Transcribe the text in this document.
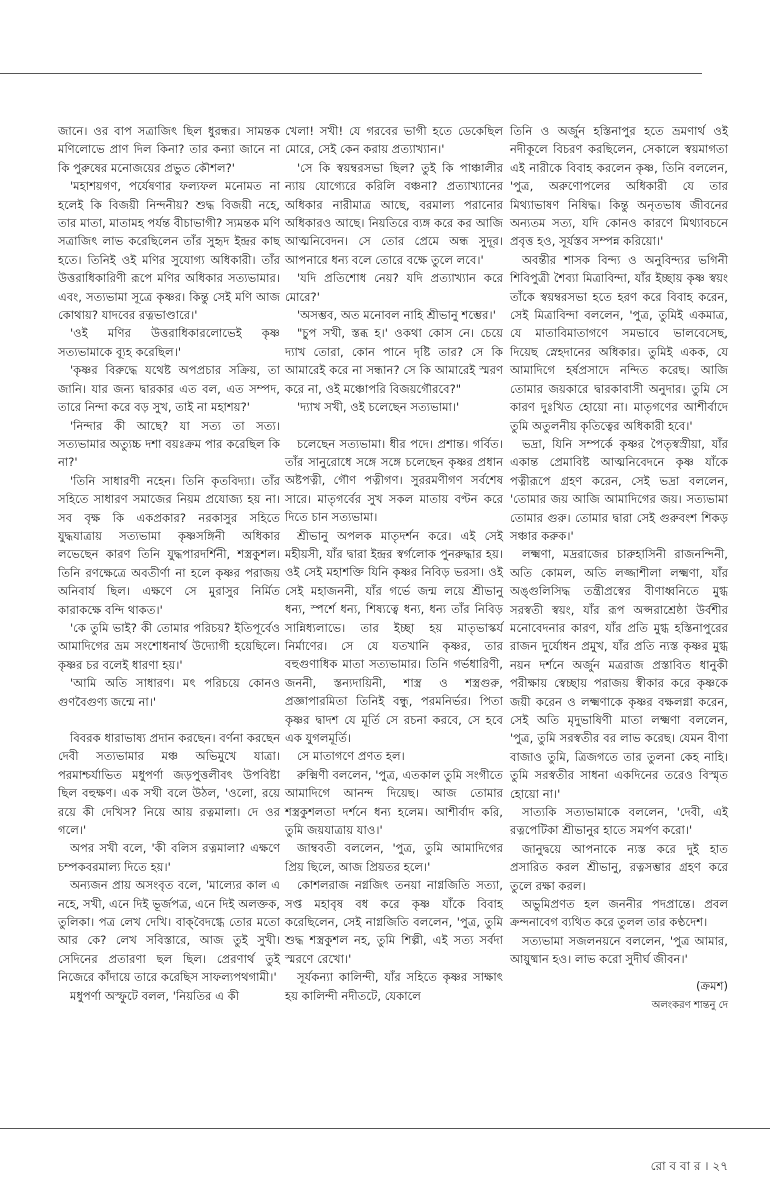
জানে। ওর বাপ সত্রাজিৎ ছিল ধুরন্ধর। সামন্তক মণিলোভে প্রাণ দিল কিনা? তার কন্যা জানে না কি পুরুষের মনোজয়ের প্রভুত কৌশল?'

'মহাশয়গণ, পর্যেষণার ফল্যফল মনোমত না হলেই কি বিজয়ী নিন্দনীয়? শুদ্ধ বিজয়ী নহে, তার মাতা, মাতামহ পর্যন্ত বীচাভাগী? স্যমন্তক মণি সত্রাজিৎ লাভ করেছিলেন তাঁর সুহৃদ ইন্দ্রর কাছ হতে। তিনিই ওই মণির সুযোগ্য অধিকারী। তাঁর উত্তরাধিকারিণী রূপে মণির অধিকার সত্যভামার। এবং, সত্যভামা সূত্রে কৃষ্ণর। কিন্তু সেই মণি আজ কোথায়? যাদবের রত্নভাণ্ডারে।'

'ওই মণির উত্তরাধিকারলোভেই কৃষ্ণ সত্যভামাকে ব্যূহ করেছিল।'

'কৃষ্ণর বিরুদ্ধে যথেষ্ট অপপ্রচার সক্রিয়, তা জানি। যার জন্য দ্বারকার এত বল, এত সম্পদ, তারে নিন্দা করে বড় সুখ, তাই না মহাশয়?'

'নিন্দার কী আছে? যা সত্য তা সত্য। সত্যভামার অত্যুচ্চ দশা বয়ঃক্রম পার করেছিল কি না?'

'তিনি সাধারণী নহেন। তিনি কৃতবিদ্যা। তাঁর সহিতে সাধারণ সমাজের নিয়ম প্রযোজ্য হয় না। সব বৃক্ষ কি একপ্রকার? নরকাসুর সহিতে যুদ্ধযাত্রায় সত্যভামা কৃষ্ণসঙ্গিনী অধিকার লভেছেন কারণ তিনি যুদ্ধপারদর্শিনী, শস্ত্রকুশল। তিনি রণক্ষেত্রে অবতীর্ণা না হলে কৃষ্ণর পরাজয় অনিবার্য ছিল। এক্ষণে সে মুরাসুর নির্মিত কারাকক্ষে বন্দি থাকত।'

'কে তুমি ভাই? কী তোমার পরিচয়? ইতিপূর্বেও আমাদিগের ভ্রম সংশোধনার্থ উদ্যোগী হয়েছিলে। কৃষ্ণর চর বলেই ধারণা হয়।'

'আমি অতি সাধারণ। মৎ পরিচয়ে কোনও গুণবৈগুণ্য জন্মে না।'

বিবরক ধারাভাষ্য প্রদান করছেন। বর্ণনা করছেন দেবী সত্যভামার মঞ্চ অভিমুখে যাত্রা। পরমাশ্চর্যাভিত মধুপর্ণা জড়পুত্তলীবৎ উপবিষ্টা ছিল বহুক্ষণ। এক সখী বলে উঠল, 'ওলো, রয়ে রয়ে কী দেখিস? নিয়ে আয় রত্নমালা। দে ওর গলে।'

অপর সখী বলে, 'কী বলিস রত্নমালা? এক্ষণে চম্পকবরমাল্য দিতে হয়।'

অন্যজন প্রায় অসংবৃত বলে, 'মাল্যের কাল এ নহে, সখী, এনে দিই ভূর্জপত্র, এনে দিই অলক্তক, তুলিকা। পত্র লেখ দেখি। বাক্‌বৈদগ্ধে তোর মতো আর কে? লেখ সবিস্তারে, আজ তুই সুখী। সেদিনের প্রতারণা ছল ছিল। প্রেরণার্থ তুই নিজেরে কাঁদায়ে তারে করেছিস সাফল্যপথগামী।'

মধুপর্ণা অস্ফুটে বলল, 'নিয়তির এ কী

খেলা! সখী! যে গরবের ভাগী হতে ডেকেছিল মোরে, সেই কেন করায় প্রত্যাখ্যান।'

'সে কি স্বয়ম্বরসভা ছিল? তুই কি পাঞ্চালীর ন্যায় যোগ্যেরে করিলি বঞ্চনা? প্রত্যাখ্যানের অধিকার নারীমাত্র আছে, বরমাল্য পরানোর অধিকারও আছে। নিয়তিরে ব্যঙ্গ করে কর আজি আত্মনিবেদন। সে তোর প্রেমে অন্ধ সুদূর। আপনারে ধন্য বলে তোরে বক্ষে তুলে লবে।'

'যদি প্রতিশোধ নেয়? যদি প্রত্যাখ্যান করে মোরে?'

'অসম্ভব, অত মনোবল নাহি শ্রীভানু শম্ভের।'

"চুপ সখী, স্তব্ধ হ।' ওকথা কোস নে। চেয়ে দ্যাখ তোরা, কোন পানে দৃষ্টি তার? সে কি আমারেই করে না সন্ধান? সে কি আমারেই স্মরণ করে না, ওই মঞ্চোপরি বিজয়গৌরবে?"

'দ্যাখ সখী, ওই চলেছেন সত্যভামা।'

চলেছেন সত্যভামা। ধীর পদে। প্রশান্ত। গর্বিত। তাঁর সানুরোধে সঙ্গে সঙ্গে চলেছেন কৃষ্ণর প্রধান অষ্টপত্নী, গৌণ পত্নীগণ। সুররমণীগণ সর্বশেষ সারে। মাতৃগর্বের সুখ সকল মাতায় বণ্টন করে দিতে চান সত্যভামা।

শ্রীভানু অপলক মাতৃদর্শন করে। এই সেই মহীয়সী, যাঁর দ্বারা ইন্দ্রর স্বর্গলোক পুনরুদ্ধার হয়। ওই সেই মহাশক্তি যিনি কৃষ্ণর নিবিড় ভরসা। ওই সেই মহাজননী, যাঁর গর্ভে জন্ম লয়ে শ্রীভানু ধন্য, স্পর্শে ধন্য, শিষ্যত্বে ধন্য, ধন্য তাঁর নিবিড় সান্নিধ্যলাভে। তার ইচ্ছা হয় মাতৃভাস্কর্য নির্মাণের। সে যে যতখানি কৃষ্ণর, তার বহুগুণাধিক মাতা সত্যভামার। তিনি গর্ভধারিণী, জননী, স্তন্যদায়িনী, শাস্ত্র ও শস্ত্রগুরু, প্রজ্ঞাপারমিতা তিনিই বন্ধু, পরমনির্ভর। পিতা কৃষ্ণর দ্বাদশ যে মূর্তি সে রচনা করবে, সে হবে এক যুগলমূর্তি।

সে মাতাগণে প্রণত হল।

রুক্মিণী বললেন, 'পুত্র, এতকাল তুমি সংগীতে আমাদিগে আনন্দ দিয়েছ। আজ তোমার শস্ত্রকুশলতা দর্শনে ধন্য হলেম। আশীর্বাদ করি, তুমি জয়যাত্রায় যাও।'

জাম্ববতী বললেন, 'পুত্র, তুমি আমাদিগের প্রিয় ছিলে, আজ প্রিয়তর হলে।'

কোশলরাজ নগ্নজিৎ তনয়া নাগ্নজিতি সত্যা, সপ্ত মহাবৃষ বধ করে কৃষ্ণ যাঁকে বিবাহ করেছিলেন, সেই নাগ্নজিতি বললেন, 'পুত্র, তুমি শুদ্ধ শস্ত্রকুশল নহ, তুমি শিল্পী, এই সত্য সর্বদা স্মরণে রেখো।'

সূর্যকন্যা কালিন্দী, যাঁর সহিতে কৃষ্ণর সাক্ষাৎ হয় কালিন্দী নদীতটে, যেকালে

তিনি ও অর্জুন হস্তিনাপুর হতে ভ্রমণার্থ ওই নদীকূলে বিচরণ করছিলেন, সেকালে স্বয়মাগতা এই নারীকে বিবাহ করলেন কৃষ্ণ, তিনি বললেন, 'পুত্র, অরুণোপলের অধিকারী যে তার মিথ্যাভাষণ নিষিদ্ধ। কিন্তু অনৃতভাষ জীবনের অন্যতম সত্য, যদি কোনও কারণে মিথ্যাবচনে প্রবৃত্ত হও, সূর্যস্তব সম্পন্ন করিয়ো।'

অবন্তীর শাসক বিন্দ্য ও অনুবিন্দ্যর ভগিনী শিবিপুত্রী শৈব্যা মিত্রাবিন্দা, যাঁর ইচ্ছায় কৃষ্ণ স্বয়ং তাঁকে স্বয়ম্বরসভা হতে হরণ করে বিবাহ করেন, সেই মিত্রাবিন্দা বললেন, 'পুত্র, তুমিই একমাত্র, যে মাতাবিমাতাগণে সমভাবে ভালবেসেছ, দিয়েছ স্নেহদানের অধিকার। তুমিই একক, যে আমাদিগে হর্ষপ্রসাদে নন্দিত করেছ। আজি তোমার জয়কারে দ্বারকাবাসী অনুদার। তুমি সে কারণ দুঃখিত হোয়ো না। মাতৃগণের আশীর্বাদে তুমি অতুলনীয় কৃতিত্বের অধিকারী হবে।'

ভদ্রা, যিনি সম্পর্কে কৃষ্ণর পৈতৃস্বস্রীয়া, যাঁর একান্ত প্রেমাবিষ্ট আত্মনিবেদনে কৃষ্ণ যাঁকে পত্নীরূপে গ্রহণ করেন, সেই ভদ্রা বললেন, 'তোমার জয় আজি আমাদিগের জয়। সত্যভামা তোমার গুরু। তোমার দ্বারা সেই গুরুবংশ শিকড় সঞ্চার করুক।'

লক্ষ্মণা, মদ্ররাজের চারুহাসিনী রাজনন্দিনী, অতি কোমল, অতি লজ্জাশীলা লক্ষ্মণা, যাঁর অঙ্গুলিসিদ্ধ তন্ত্রীপ্রস্বের বীণাধ্বনিতে মুগ্ধ সরস্বতী স্বয়ং, যাঁর রূপ অপ্সরাশ্রেষ্ঠা উর্বশীর মনোবেদনার কারণ, যাঁর প্রতি মুগ্ধ হস্তিনাপুরের রাজন দুর্যোধন প্রমুখ, যাঁর প্রতি ন্যস্ত কৃষ্ণর মুগ্ধ নয়ন দর্শনে অর্জুন মত্ররাজ প্রস্তাবিত ধানুকী পরীক্ষায় স্বেচ্ছায় পরাজয় স্বীকার করে কৃষ্ণকে জয়ী করেন ও লক্ষ্মণাকে কৃষ্ণর বক্ষলগ্না করেন, সেই অতি মৃদুভাষিণী মাতা লক্ষ্মণা বললেন, 'পুত্র, তুমি সরস্বতীর বর লাভ করেছ। যেমন বীণা বাজাও তুমি, ত্রিজগতে তার তুলনা কেহ নাহি। তুমি সরস্বতীর সাধনা একদিনের তরেও বিস্মৃত হোয়ো না।'

সাত্যকি সত্যভামাকে বললেন, 'দেবী, এই রত্নপেটিকা শ্রীভানুর হাতে সমর্পণ করো।'

জানুদ্বয়ে আপনাকে ন্যস্ত করে দুই হাত প্রসারিত করল শ্রীভানু, রত্নসম্ভার গ্রহণ করে তুলে রক্ষা করল।

অভুমিপ্রণত হল জননীর পদপ্রান্তে। প্রবল ক্রন্দনাবেগ ব্যথিত করে তুলল তার কণ্ঠদেশ।

সত্যভামা সজলনয়নে বললেন, 'পুত্র আমার, আয়ুষ্মান হও। লাভ করো সুদীর্ঘ জীবন।'

(ক্রমশ)
অলংকরণ শান্তনু দে
রো ব বা র । ২৭
